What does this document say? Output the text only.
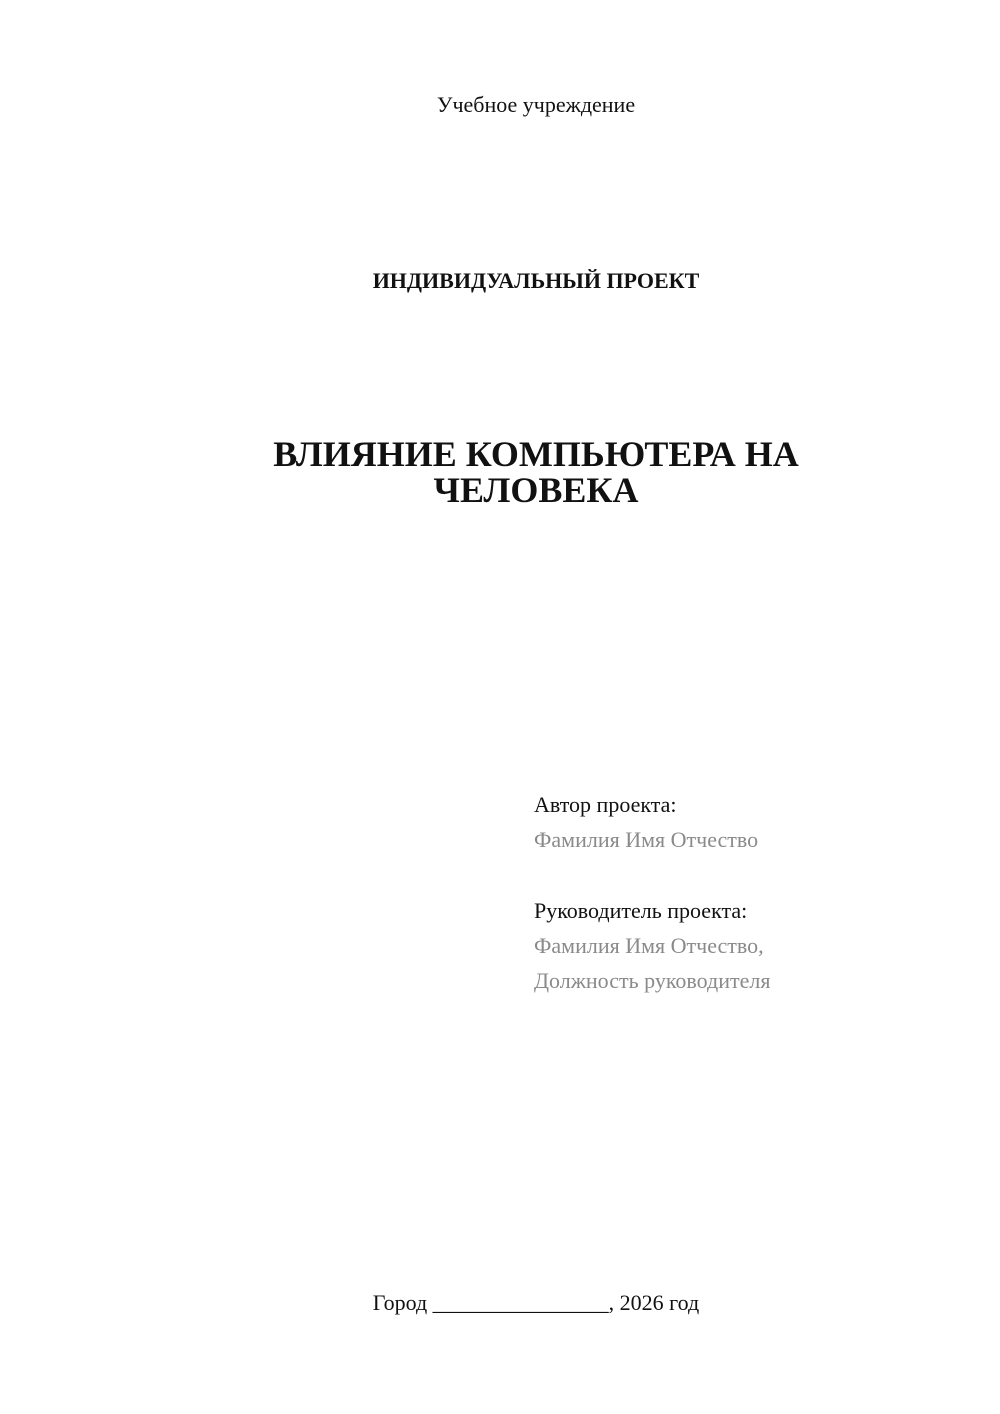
Учебное учреждение
ИНДИВИДУАЛЬНЫЙ ПРОЕКТ
ВЛИЯНИЕ КОМПЬЮТЕРА НА
ЧЕЛОВЕКА
Автор проекта:
Фамилия Имя Отчество
Руководитель проекта:
Фамилия Имя Отчество,
Должность руководителя
Город ________________, 2026 год
